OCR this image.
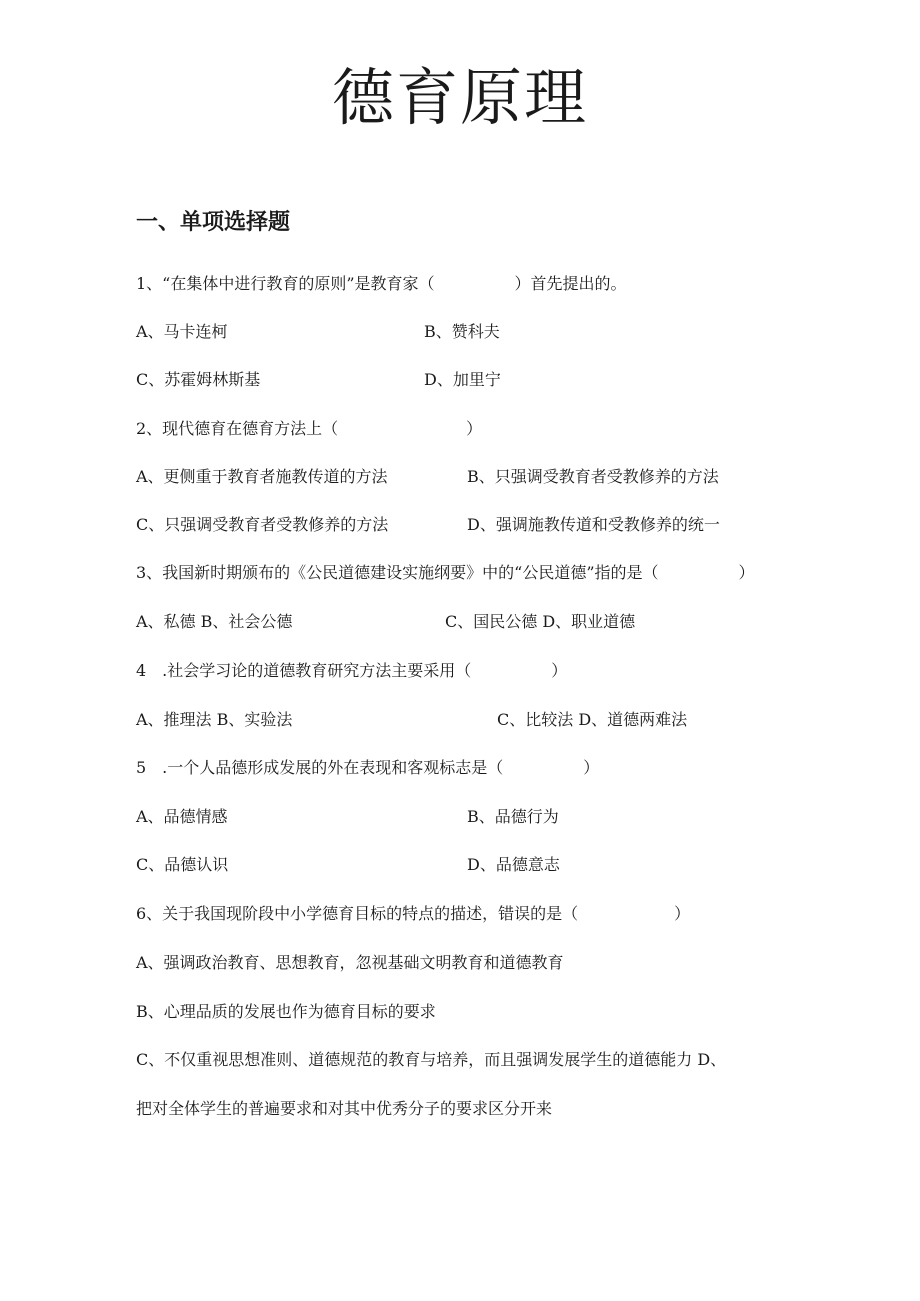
德育原理
一、单项选择题
1、“在集体中进行教育的原则”是教育家（　　　　　）首先提出的。
A、马卡连柯	B、赞科夫
C、苏霍姆林斯基	D、加里宁
2、现代德育在德育方法上（　　　　　　　　）
A、更侧重于教育者施教传道的方法	B、只强调受教育者受教修养的方法
C、只强调受教育者受教修养的方法	D、强调施教传道和受教修养的统一
3、我国新时期颁布的《公民道德建设实施纲要》中的“公民道德”指的是（　　　　　）
A、私德 B、社会公德	C、国民公德 D、职业道德
4　.社会学习论的道德教育研究方法主要采用（　　　　　）
A、推理法 B、实验法	C、比较法 D、道德两难法
5　.一个人品德形成发展的外在表现和客观标志是（　　　　　）
A、品德情感	B、品德行为
C、品德认识	D、品德意志
6、关于我国现阶段中小学德育目标的特点的描述，错误的是（　　　　　　）
A、强调政治教育、思想教育，忽视基础文明教育和道德教育
B、心理品质的发展也作为德育目标的要求
C、不仅重视思想准则、道德规范的教育与培养，而且强调发展学生的道德能力 D、
把对全体学生的普遍要求和对其中优秀分子的要求区分开来
